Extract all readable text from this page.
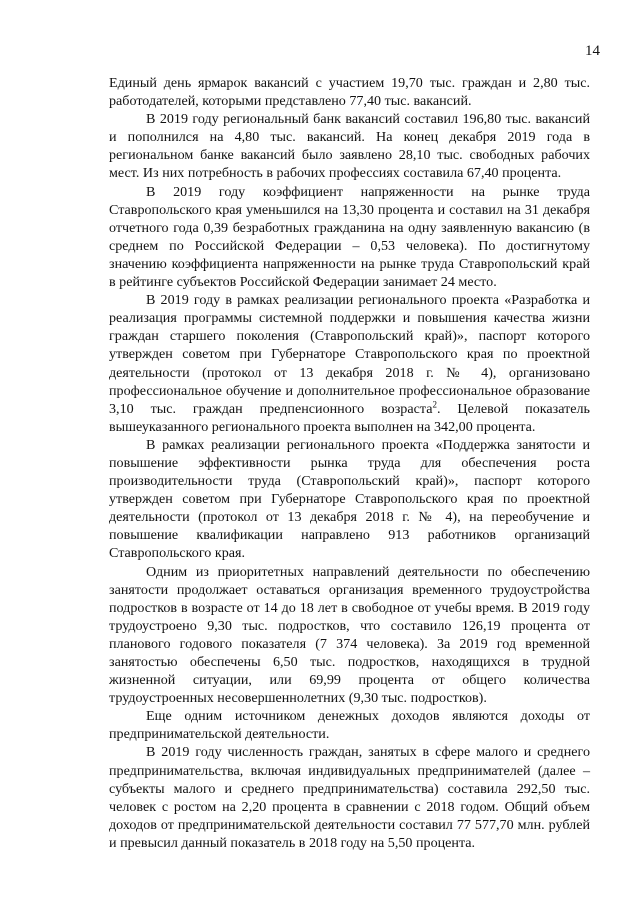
14

Единый день ярмарок вакансий с участием 19,70 тыс. граждан и 2,80 тыс. работодателей, которыми представлено 77,40 тыс. вакансий.

В 2019 году региональный банк вакансий составил 196,80 тыс. вакансий и пополнился на 4,80 тыс. вакансий. На конец декабря 2019 года в региональном банке вакансий было заявлено 28,10 тыс. свободных рабочих мест. Из них потребность в рабочих профессиях составила 67,40 процента.

В 2019 году коэффициент напряженности на рынке труда Ставропольского края уменьшился на 13,30 процента и составил на 31 декабря отчетного года 0,39 безработных гражданина на одну заявленную вакансию (в среднем по Российской Федерации – 0,53 человека). По достигнутому значению коэффициента напряженности на рынке труда Ставропольский край в рейтинге субъектов Российской Федерации занимает 24 место.

В 2019 году в рамках реализации регионального проекта «Разработка и реализация программы системной поддержки и повышения качества жизни граждан старшего поколения (Ставропольский край)», паспорт которого утвержден советом при Губернаторе Ставропольского края по проектной деятельности (протокол от 13 декабря 2018 г. № 4), организовано профессиональное обучение и дополнительное профессиональное образование 3,10 тыс. граждан предпенсионного возраста$^2$. Целевой показатель вышеуказанного регионального проекта выполнен на 342,00 процента.

В рамках реализации регионального проекта «Поддержка занятости и повышение эффективности рынка труда для обеспечения роста производительности труда (Ставропольский край)», паспорт которого утвержден советом при Губернаторе Ставропольского края по проектной деятельности (протокол от 13 декабря 2018 г. № 4), на переобучение и повышение квалификации направлено 913 работников организаций Ставропольского края.

Одним из приоритетных направлений деятельности по обеспечению занятости продолжает оставаться организация временного трудоустройства подростков в возрасте от 14 до 18 лет в свободное от учебы время. В 2019 году трудоустроено 9,30 тыс. подростков, что составило 126,19 процента от планового годового показателя (7 374 человека). За 2019 год временной занятостью обеспечены 6,50 тыс. подростков, находящихся в трудной жизненной ситуации, или 69,99 процента от общего количества трудоустроенных несовершеннолетних (9,30 тыс. подростков).

Еще одним источником денежных доходов являются доходы от предпринимательской деятельности.

В 2019 году численность граждан, занятых в сфере малого и среднего предпринимательства, включая индивидуальных предпринимателей (далее – субъекты малого и среднего предпринимательства) составила 292,50 тыс. человек с ростом на 2,20 процента в сравнении с 2018 годом. Общий объем доходов от предпринимательской деятельности составил 77 577,70 млн. рублей и превысил данный показатель в 2018 году на 5,50 процента.
